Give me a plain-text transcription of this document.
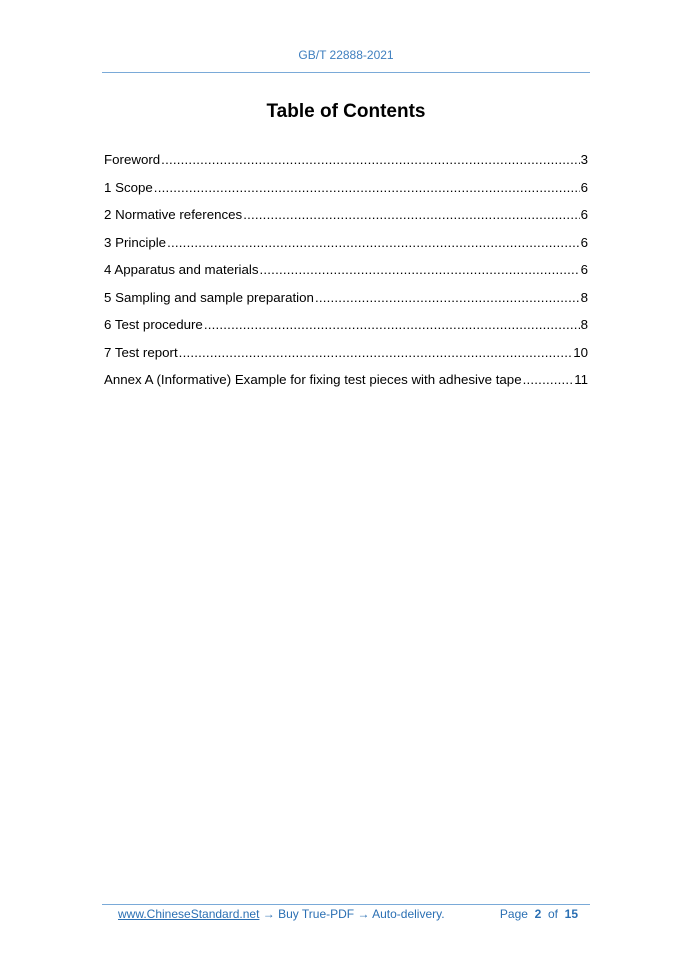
GB/T 22888-2021
Table of Contents
Foreword .....	3
1 Scope .....	6
2 Normative references .....	6
3 Principle .....	6
4 Apparatus and materials .....	6
5 Sampling and sample preparation .....	8
6 Test procedure .....	8
7 Test report .....	10
Annex A (Informative) Example for fixing test pieces with adhesive tape .....	11
www.ChineseStandard.net → Buy True-PDF → Auto-delivery.	Page 2 of 15
